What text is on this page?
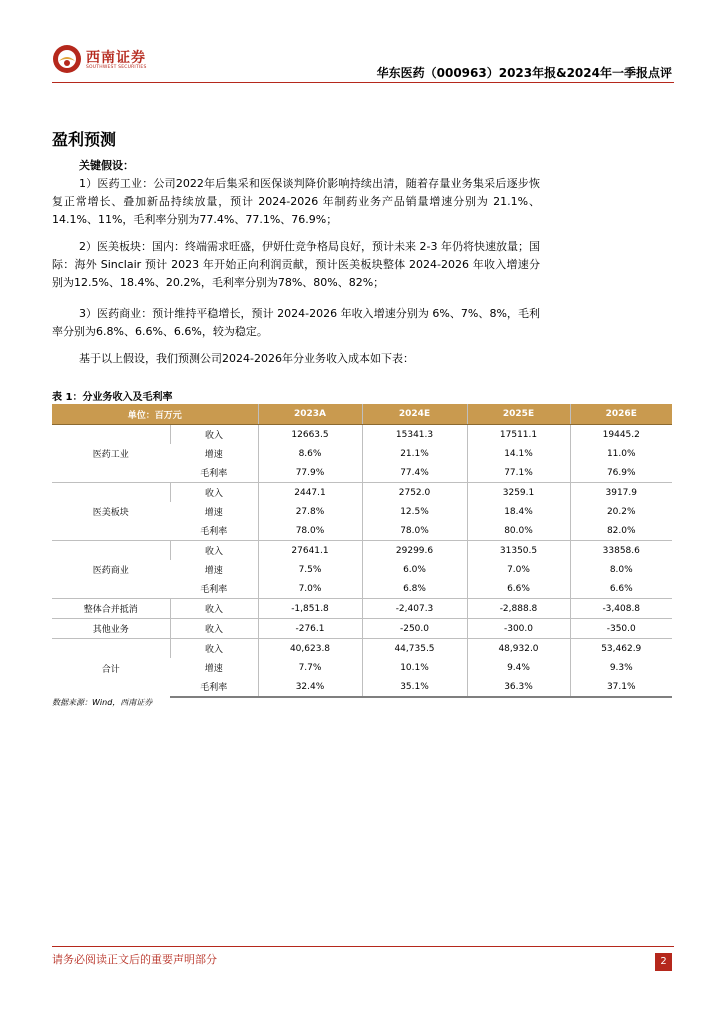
西南证券
SOUTHWEST SECURITIES	华东医药（000963）2023年报&2024年一季报点评
盈利预测
关键假设：

1）医药工业：公司2022年后集采和医保谈判降价影响持续出清，随着存量业务集采后逐步恢复正常增长、叠加新品持续放量，预计 2024-2026 年制药业务产品销量增速分别为 21.1%、14.1%、11%，毛利率分别为77.4%、77.1%、76.9%；

2）医美板块：国内：终端需求旺盛，伊妍仕竞争格局良好，预计未来 2-3 年仍将快速放量；国际：海外 Sinclair 预计 2023 年开始正向利润贡献，预计医美板块整体 2024-2026 年收入增速分别为12.5%、18.4%、20.2%，毛利率分别为78%、80%、82%；

3）医药商业：预计维持平稳增长，预计 2024-2026 年收入增速分别为 6%、7%、8%，毛利率分别为6.8%、6.6%、6.6%，较为稳定。

基于以上假设，我们预测公司2024-2026年分业务收入成本如下表：

表 1：分业务收入及毛利率
单位：百万元		2023A	2024E	2025E	2026E
医药工业	收入	12663.5	15341.3	17511.1	19445.2
	增速	8.6%	21.1%	14.1%	11.0%
	毛利率	77.9%	77.4%	77.1%	76.9%
医美板块	收入	2447.1	2752.0	3259.1	3917.9
	增速	27.8%	12.5%	18.4%	20.2%
	毛利率	78.0%	78.0%	80.0%	82.0%
医药商业	收入	27641.1	29299.6	31350.5	33858.6
	增速	7.5%	6.0%	7.0%	8.0%
	毛利率	7.0%	6.8%	6.6%	6.6%
整体合并抵消	收入	-1,851.8	-2,407.3	-2,888.8	-3,408.8
其他业务	收入	-276.1	-250.0	-300.0	-350.0
合计	收入	40,623.8	44,735.5	48,932.0	53,462.9
	增速	7.7%	10.1%	9.4%	9.3%
	毛利率	32.4%	35.1%	36.3%	37.1%
数据来源：Wind，西南证券
请务必阅读正文后的重要声明部分	2
